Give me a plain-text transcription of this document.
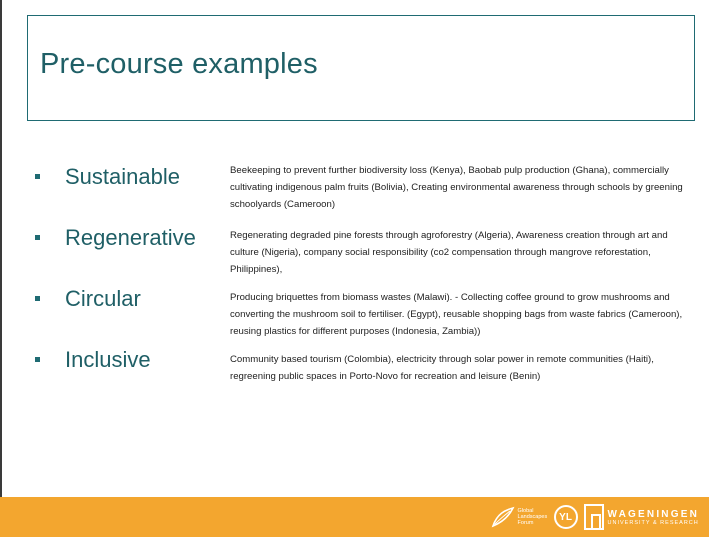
Pre-course examples
Sustainable	Beekeeping to prevent further biodiversity loss (Kenya), Baobab pulp production (Ghana), commercially cultivating indigenous palm fruits (Bolivia), Creating environmental awareness through schools by greening schoolyards (Cameroon)
Regenerative	Regenerating degraded pine forests through agroforestry (Algeria), Awareness creation through art and culture (Nigeria), company social responsibility (co2 compensation through mangrove reforestation, Philippines),
Circular	Producing briquettes from biomass wastes (Malawi). - Collecting coffee ground to grow mushrooms and converting the mushroom soil to fertiliser. (Egypt), reusable shopping bags from waste fabrics (Cameroon), reusing plastics for different purposes (Indonesia, Zambia))
Inclusive	Community based tourism (Colombia), electricity through solar power in remote communities (Haiti), regreening public spaces in Porto-Novo for recreation and leisure (Benin)
Global Landscapes Forum
YL	WAGENINGEN
UNIVERSITY & RESEARCH
